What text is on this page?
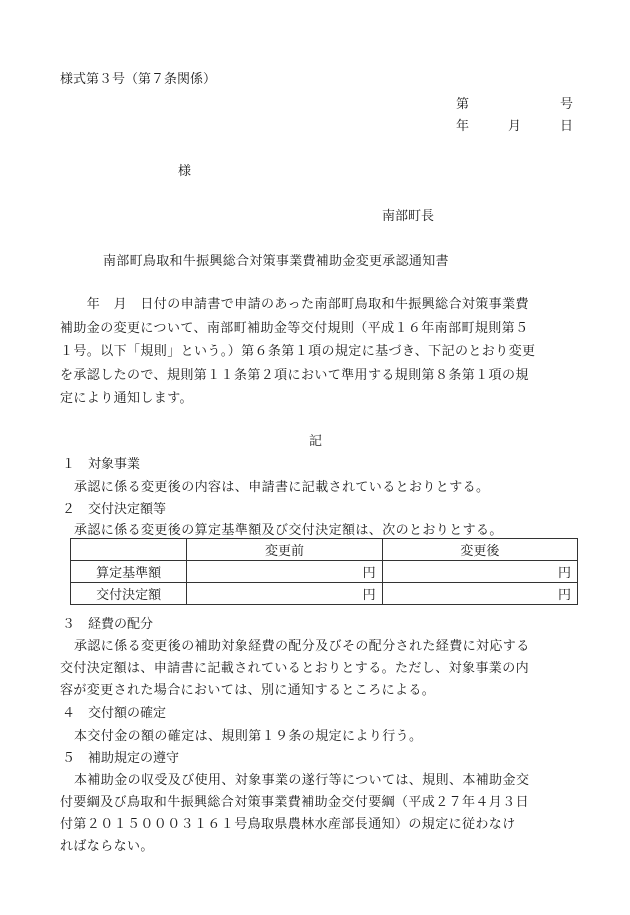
様式第３号（第７条関係）
第	号
年	月	日
様
南部町長
南部町鳥取和牛振興総合対策事業費補助金変更承認通知書
　　年　月　日付の申請書で申請のあった南部町鳥取和牛振興総合対策事業費
補助金の変更について、南部町補助金等交付規則（平成１６年南部町規則第５
１号。以下「規則」という。）第６条第１項の規定に基づき、下記のとおり変更
を承認したので、規則第１１条第２項において準用する規則第８条第１項の規
定により通知します。
記
１ 対象事業
承認に係る変更後の内容は、申請書に記載されているとおりとする。
２ 交付決定額等
承認に係る変更後の算定基準額及び交付決定額は、次のとおりとする。
	変更前	変更後
算定基準額	円	円
交付決定額	円	円
３ 経費の配分
承認に係る変更後の補助対象経費の配分及びその配分された経費に対応する
交付決定額は、申請書に記載されているとおりとする。ただし、対象事業の内
容が変更された場合においては、別に通知するところによる。
４ 交付額の確定
本交付金の額の確定は、規則第１９条の規定により行う。
５ 補助規定の遵守
本補助金の収受及び使用、対象事業の遂行等については、規則、本補助金交
付要綱及び鳥取和牛振興総合対策事業費補助金交付要綱（平成２７年４月３日
付第２０１５０００３１６１号鳥取県農林水産部長通知）の規定に従わなけ
ればならない。
